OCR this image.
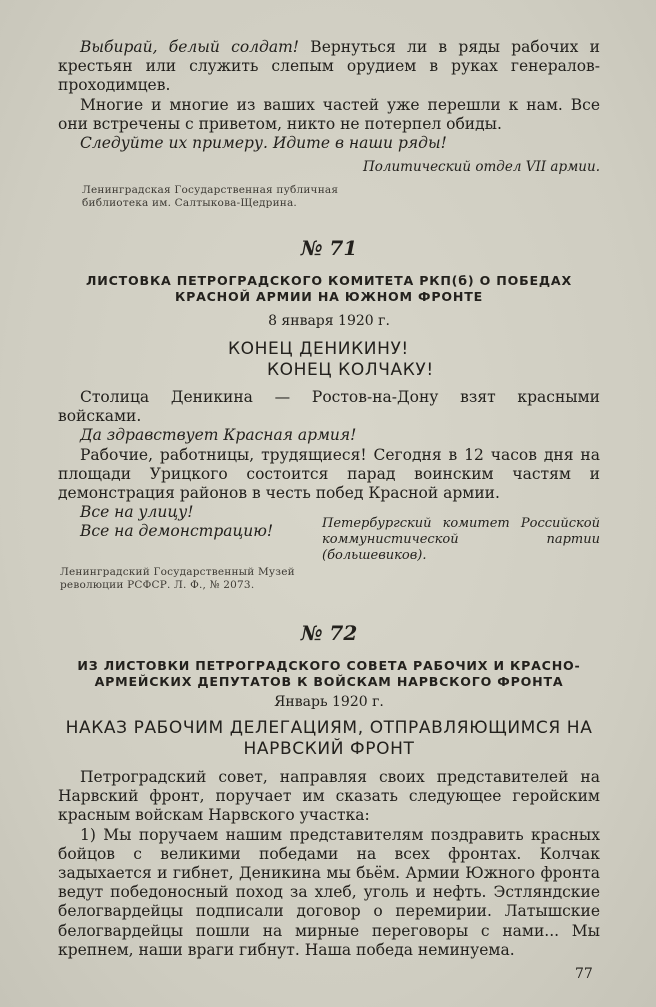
Выбирай, белый солдат! Вернуться ли в ряды рабочих и крестьян или служить слепым орудием в руках генералов-проходимцев.

Многие и многие из ваших частей уже перешли к нам. Все они встречены с приветом, никто не потерпел обиды.

Следуйте их примеру. Идите в наши ряды!

Политический отдел VII армии.
Ленинградская Государственная публичная
библиотека им. Салтыкова-Щедрина.
№ 71
ЛИСТОВКА ПЕТРОГРАДСКОГО КОМИТЕТА РКП(б) О ПОБЕДАХ
КРАСНОЙ АРМИИ НА ЮЖНОМ ФРОНТЕ
8 января 1920 г.
КОНЕЦ ДЕНИКИНУ!
КОНЕЦ КОЛЧАКУ!

Столица Деникина — Ростов-на-Дону взят красными войсками.

Да здравствует Красная армия!

Рабочие, работницы, трудящиеся! Сегодня в 12 часов дня на площади Урицкого состоится парад воинским частям и демонстрация районов в честь побед Красной армии.

Все на улицу!

Все на демонстрацию!	Петербургский комитет Российской коммунистической партии (большевиков).
Ленинградский Государственный Музей
революции РСФСР. Л. Ф., № 2073.
№ 72
ИЗ ЛИСТОВКИ ПЕТРОГРАДСКОГО СОВЕТА РАБОЧИХ И КРАСНО-
АРМЕЙСКИХ ДЕПУТАТОВ К ВОЙСКАМ НАРВСКОГО ФРОНТА
Январь 1920 г.
НАКАЗ РАБОЧИМ ДЕЛЕГАЦИЯМ, ОТПРАВЛЯЮЩИМСЯ НА
НАРВСКИЙ ФРОНТ

Петроградский совет, направляя своих представителей на Нарвский фронт, поручает им сказать следующее геройским красным войскам Нарвского участка:

1) Мы поручаем нашим представителям поздравить красных бойцов с великими победами на всех фронтах. Колчак задыхается и гибнет, Деникина мы бьём. Армии Южного фронта ведут победоносный поход за хлеб, уголь и нефть. Эстляндские белогвардейцы подписали договор о перемирии. Латышские белогвардейцы пошли на мирные переговоры с нами... Мы крепнем, наши враги гибнут. Наша победа неминуема.

77
